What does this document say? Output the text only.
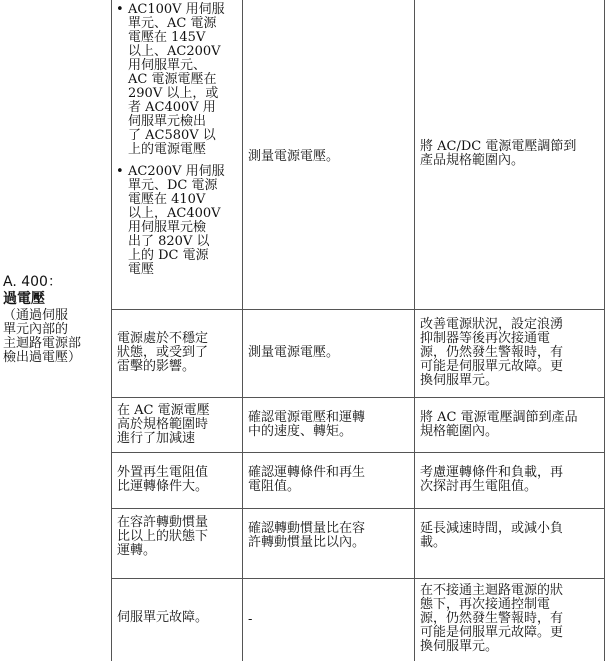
A. 400：
過電壓
（通過伺服
單元內部的
主迴路電源部
檢出過電壓）
• AC100V 用伺服
單元、AC 電源
電壓在 145V
以上、AC200V
用伺服單元、
AC 電源電壓在
290V 以上，或
者 AC400V 用
伺服單元檢出
了 AC580V 以
上的電源電壓
• AC200V 用伺服
單元、DC 電源
電壓在 410V
以上，AC400V
用伺服單元檢
出了 820V 以
上的 DC 電源
電壓
測量電源電壓。
將 AC/DC 電源電壓調節到
產品規格範圍內。
電源處於不穩定
狀態，或受到了
雷擊的影響。
測量電源電壓。
改善電源狀況，設定浪湧
抑制器等後再次接通電
源，仍然發生警報時，有
可能是伺服單元故障。更
換伺服單元。
在 AC 電源電壓
高於規格範圍時
進行了加減速
確認電源電壓和運轉
中的速度、轉矩。
將 AC 電源電壓調節到產品
規格範圍內。
外置再生電阻值
比運轉條件大。
確認運轉條件和再生
電阻值。
考慮運轉條件和負載，再
次探討再生電阻值。
在容許轉動慣量
比以上的狀態下
運轉。
確認轉動慣量比在容
許轉動慣量比以內。
延長減速時間，或減小負
載。
伺服單元故障。	-
在不接通主迴路電源的狀
態下，再次接通控制電
源，仍然發生警報時，有
可能是伺服單元故障。更
換伺服單元。
